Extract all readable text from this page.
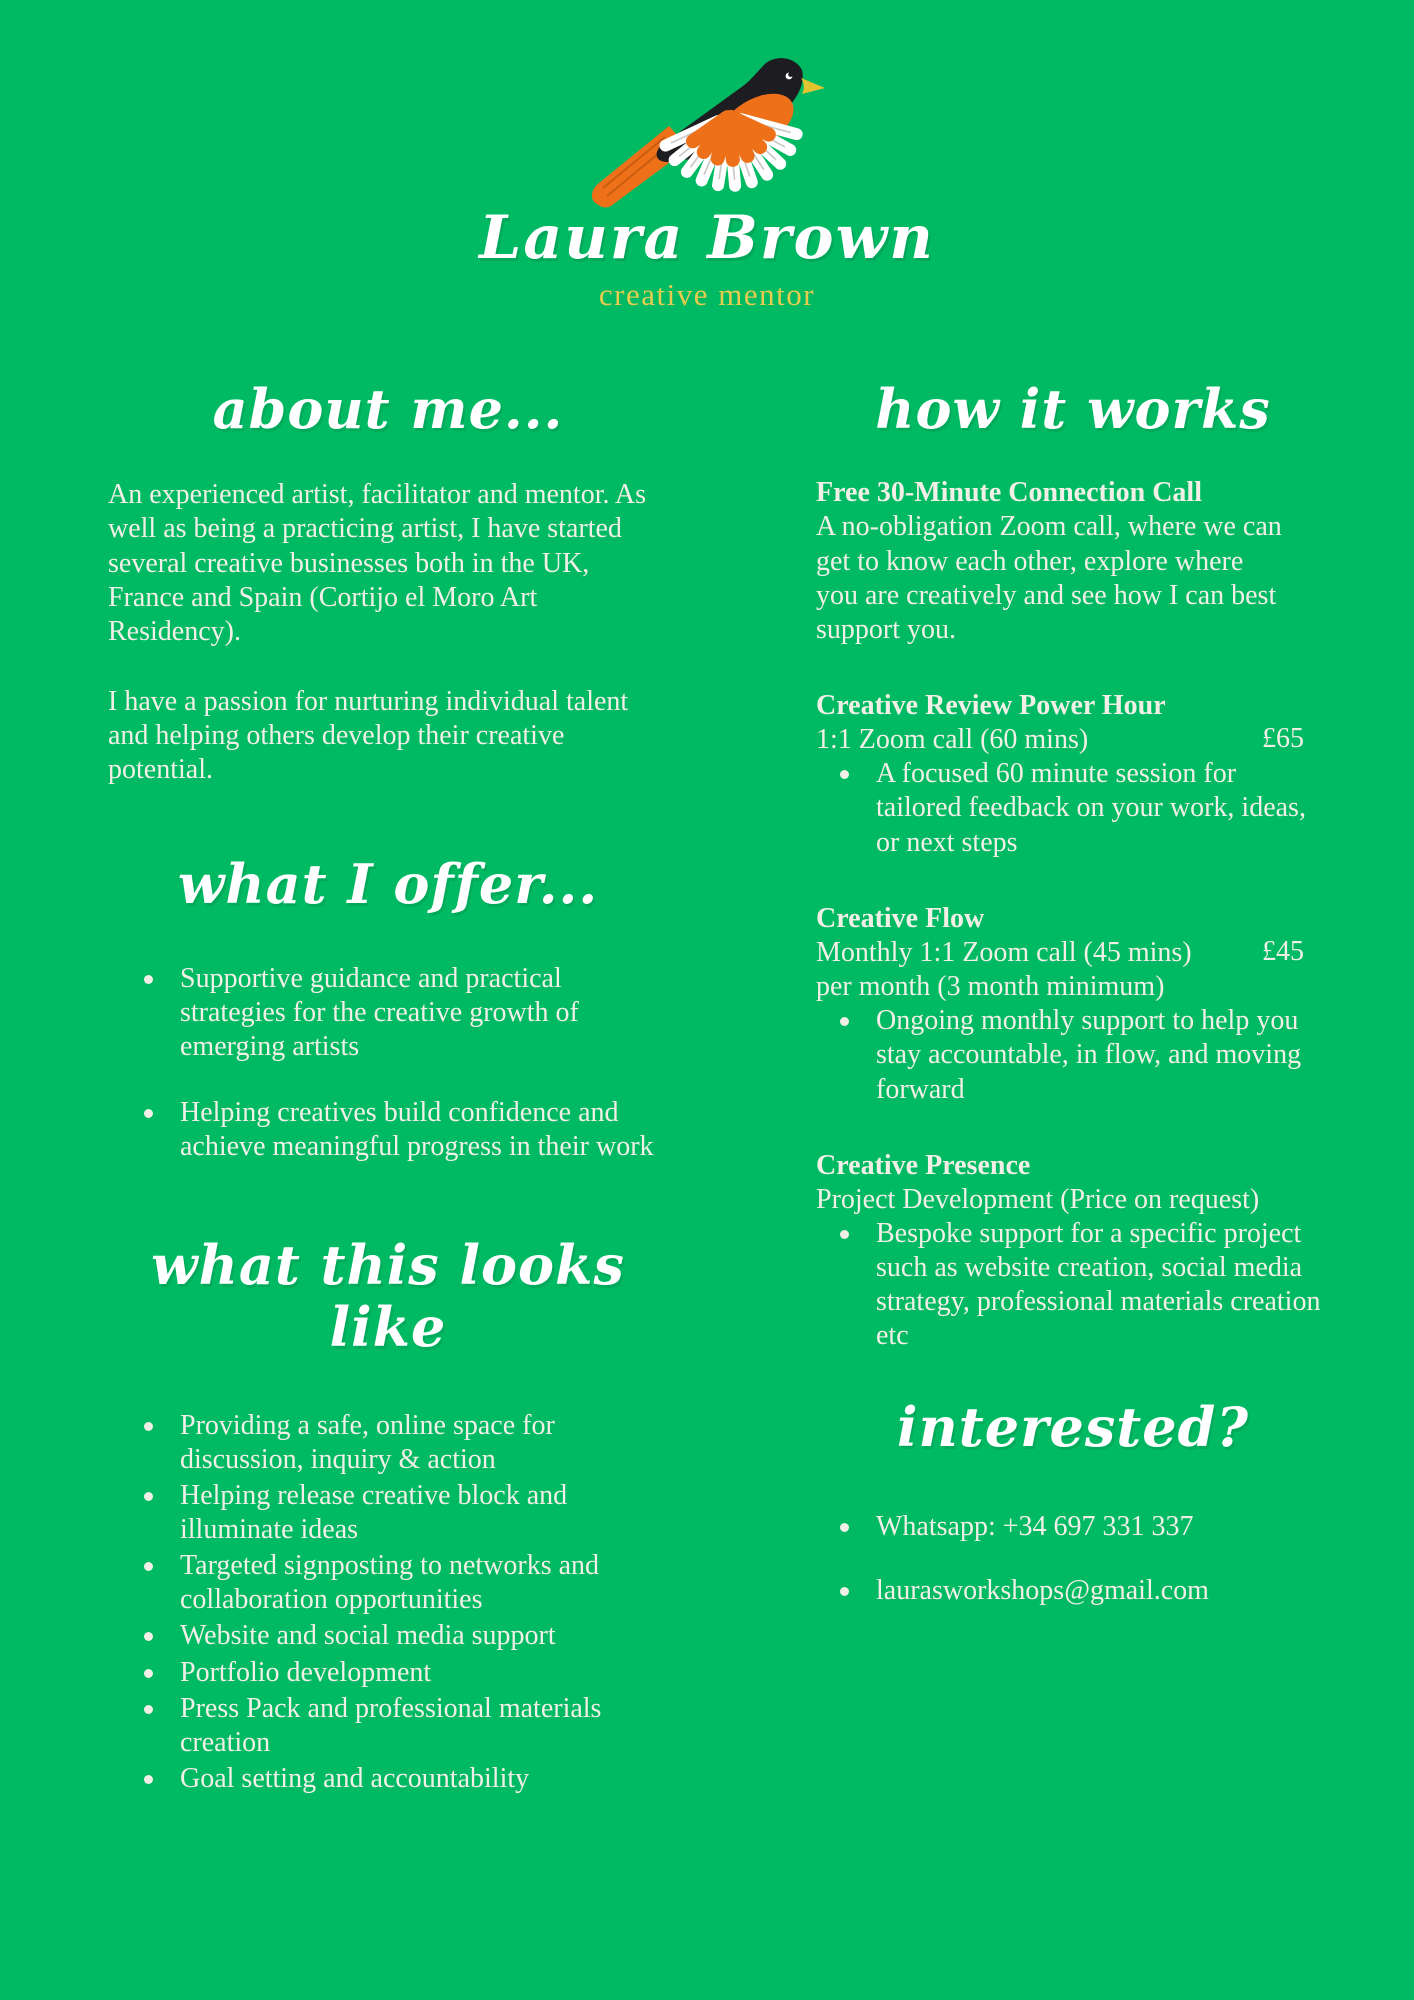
Laura Brown
creative mentor
about me...

An experienced artist, facilitator and mentor. As well as being a practicing artist, I have started several creative businesses both in the UK, France and Spain (Cortijo el Moro Art Residency).

I have a passion for nurturing individual talent and helping others develop their creative potential.

what I offer...
Supportive guidance and practical strategies for the creative growth of emerging artists
Helping creatives build confidence and achieve meaningful progress in their work
what this looks like
Providing a safe, online space for discussion, inquiry & action
Helping release creative block and illuminate ideas
Targeted signposting to networks and collaboration opportunities
Website and social media support
Portfolio development
Press Pack and professional materials creation
Goal setting and accountability
how it works
Free 30-Minute Connection Call
A no-obligation Zoom call, where we can get to know each other, explore where you are creatively and see how I can best support you.
Creative Review Power Hour
1:1 Zoom call (60 mins)	£65
A focused 60 minute session for tailored feedback on your work, ideas, or next steps
Creative Flow
Monthly 1:1 Zoom call (45 mins) per month (3 month minimum)
£45
Ongoing monthly support to help you stay accountable, in flow, and moving forward
Creative Presence
Project Development (Price on request)
Bespoke support for a specific project such as website creation, social media strategy, professional materials creation etc
interested?
Whatsapp: +34 697 331 337
laurasworkshops@gmail.com
